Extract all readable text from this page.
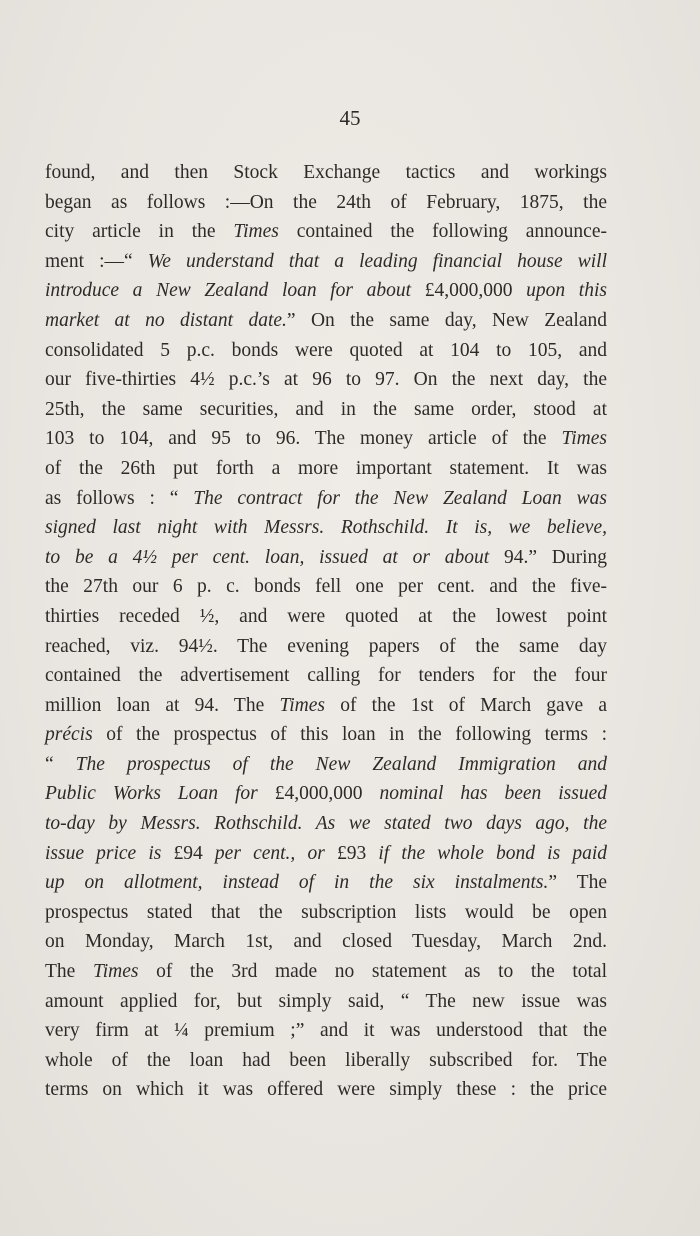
45
found, and then Stock Exchange tactics and workings
began as follows :—On the 24th of February, 1875, the
city article in the Times contained the following announce-
ment :—“ We understand that a leading financial house will
introduce a New Zealand loan for about £4,000,000 upon this
market at no distant date.” On the same day, New Zealand
consolidated 5 p.c. bonds were quoted at 104 to 105, and
our five-thirties 4½ p.c.’s at 96 to 97. On the next day, the
25th, the same securities, and in the same order, stood at
103 to 104, and 95 to 96. The money article of the Times
of the 26th put forth a more important statement. It was
as follows : “ The contract for the New Zealand Loan was
signed last night with Messrs. Rothschild. It is, we believe,
to be a 4½ per cent. loan, issued at or about 94.” During
the 27th our 6 p. c. bonds fell one per cent. and the five-
thirties receded ½, and were quoted at the lowest point
reached, viz. 94½. The evening papers of the same day
contained the advertisement calling for tenders for the four
million loan at 94. The Times of the 1st of March gave a
précis of the prospectus of this loan in the following terms :
“ The prospectus of the New Zealand Immigration and
Public Works Loan for £4,000,000 nominal has been issued
to-day by Messrs. Rothschild. As we stated two days ago, the
issue price is £94 per cent., or £93 if the whole bond is paid
up on allotment, instead of in the six instalments.” The
prospectus stated that the subscription lists would be open
on Monday, March 1st, and closed Tuesday, March 2nd.
The Times of the 3rd made no statement as to the total
amount applied for, but simply said, “ The new issue was
very firm at ¼ premium ;” and it was understood that the
whole of the loan had been liberally subscribed for. The
terms on which it was offered were simply these : the price
